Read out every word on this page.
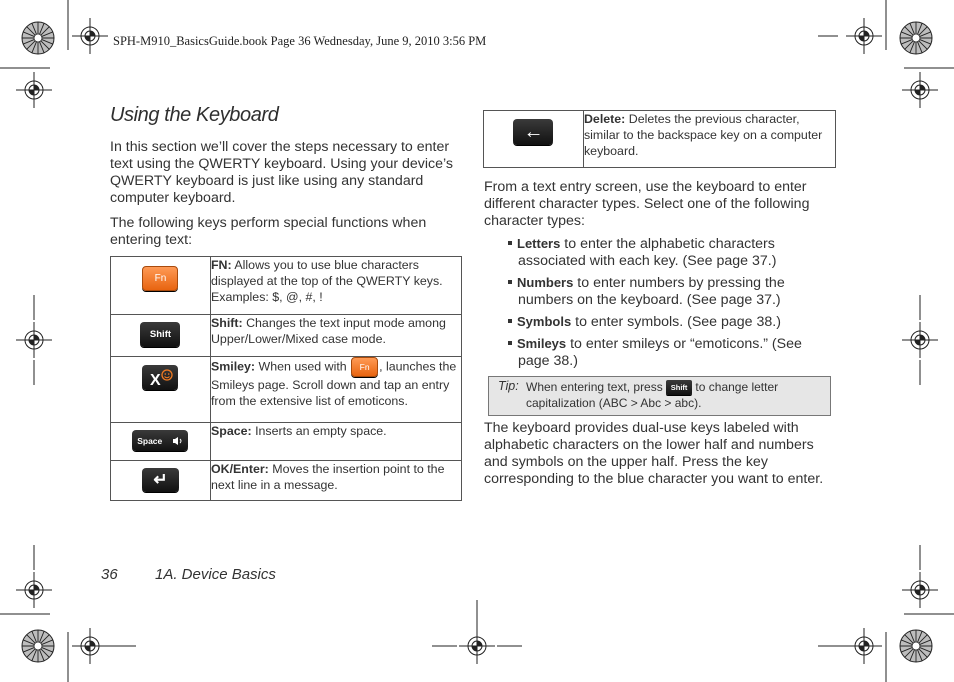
SPH-M910_BasicsGuide.book Page 36 Wednesday, June 9, 2010 3:56 PM
Using the Keyboard

In this section we’ll cover the steps necessary to enter text using the QWERTY keyboard. Using your device’s QWERTY keyboard is just like using any standard computer keyboard.

The following keys perform special functions when entering text:

Fn	FN: Allows you to use blue characters displayed at the top of the QWERTY keys. Examples: $, @, #, !

Shift	Shift: Changes the text input mode among Upper/Lower/Mixed case mode.

X	Smiley: When used with Fn , launches the Smileys page. Scroll down and tap an entry from the extensive list of emoticons.

Space	Space: Inserts an empty space.

↵	OK/Enter: Moves the insertion point to the next line in a message.
←
	Delete: Deletes the previous character, similar to the backspace key on a computer keyboard.

From a text entry screen, use the keyboard to enter different character types. Select one of the following character types:

Letters to enter the alphabetic characters associated with each key. (See page 37.)
Numbers to enter numbers by pressing the numbers on the keyboard. (See page 37.)
Symbols to enter symbols. (See page 38.)
Smileys to enter smileys or “emoticons.” (See page 38.)
Tip: When entering text, press Shift to change letter capitalization (ABC > Abc > abc).

The keyboard provides dual-use keys labeled with alphabetic characters on the lower half and numbers and symbols on the upper half. Press the key corresponding to the blue character you want to enter.

36 1A. Device Basics
